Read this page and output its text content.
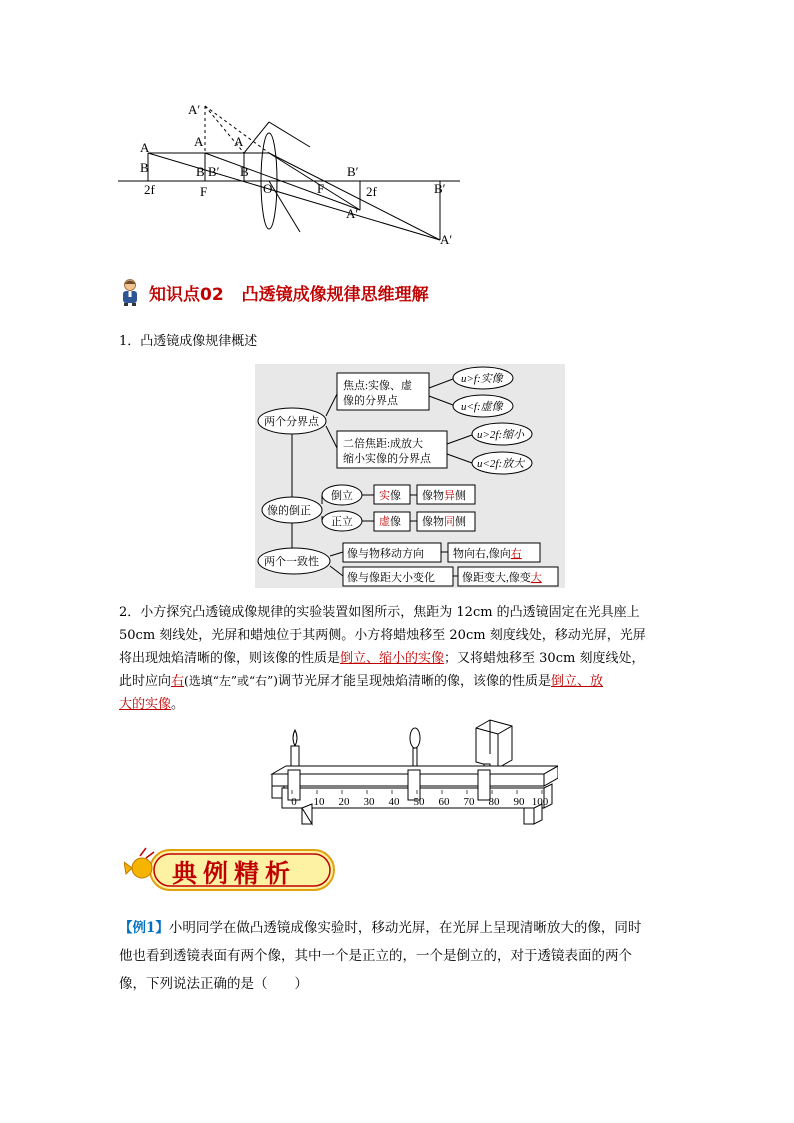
A′
A
B
A
B B′
A
B
2f	F	O	F
B′
2f	B′
A′
A′
知识点02 凸透镜成像规律思维理解
1．凸透镜成像规律概述
两个分界点
焦点:实像、虚
像的分界点
u>f:实像
u<f:虚像
二倍焦距:成放大
缩小实像的分界点
u>2f:缩小
u<2f:放大
像的倒正
倒立 实像 像物异侧
正立 虚像 像物同侧
两个一致性
像与物移动方向	物向右,像向右
像与像距大小变化 像距变大,像变大
2．小方探究凸透镜成像规律的实验装置如图所示，焦距为 12cm 的凸透镜固定在光具座上
50cm 刻线处，光屏和蜡烛位于其两侧。小方将蜡烛移至 20cm 刻度线处，移动光屏，光屏
将出现烛焰清晰的像，则该像的性质是倒立、缩小的实像；又将蜡烛移至 30cm 刻度线处，
此时应向右(选填“左”或“右”)调节光屏才能呈现烛焰清晰的像，该像的性质是倒立、放
大的实像。
0 10 20 30 40 50 60 70 80 90 100
典例精析
【例1】小明同学在做凸透镜成像实验时，移动光屏，在光屏上呈现清晰放大的像，同时
他也看到透镜表面有两个像，其中一个是正立的，一个是倒立的，对于透镜表面的两个
像，下列说法正确的是（　　）
